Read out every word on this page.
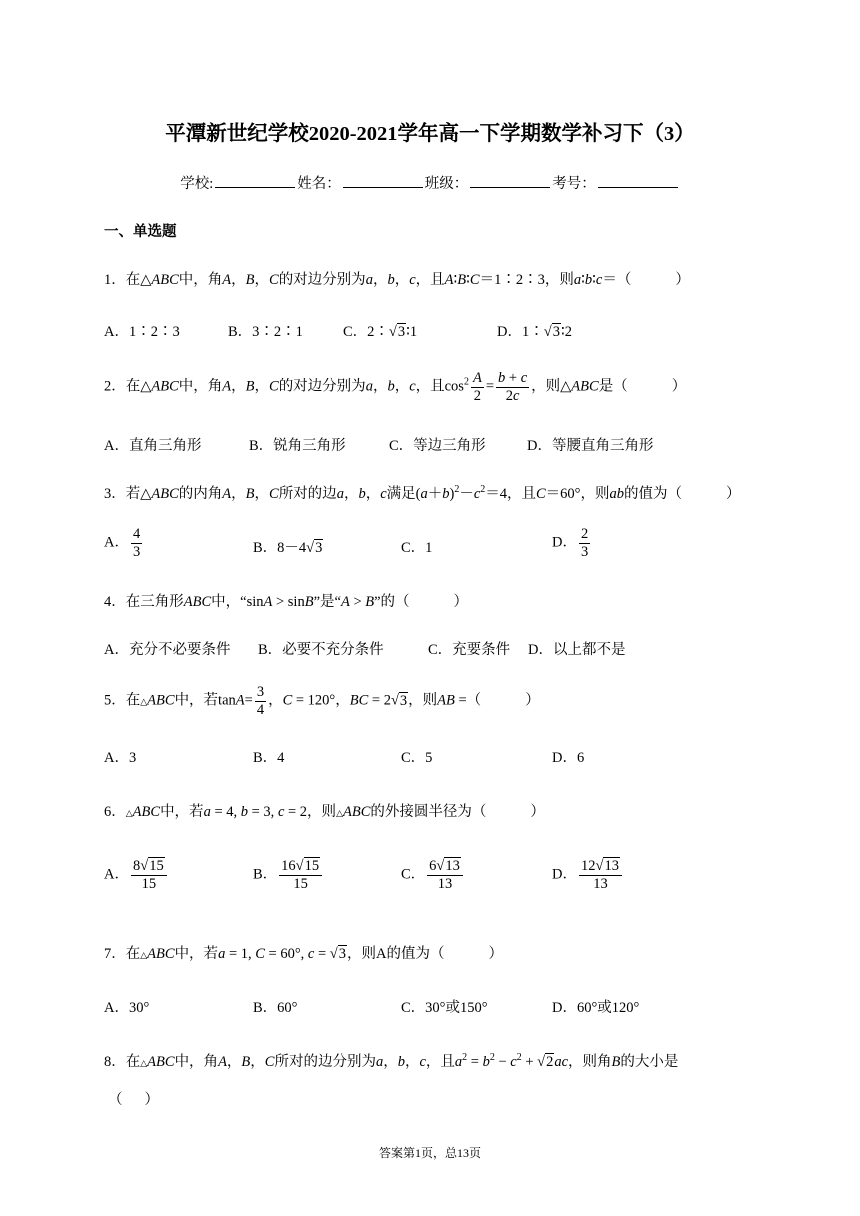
平潭新世纪学校2020-2021学年高一下学期数学补习下（3）
学校:	姓名：	班级：	考号：
一、单选题
1．在△ABC中，角A，B，C的对边分别为a，b，c，且A∶B∶C＝1∶2∶3，则a∶b∶c＝（	）
A．1∶2∶3	B．3∶2∶1	C．2∶√3∶1	D．1∶√3∶2
2．在△ABC中，角A，B，C的对边分别为a，b，c，且$\cos^2 \frac{A}{2} = \frac{b + c}{2c}$ ，则△ABC是（	）
A．直角三角形	B．锐角三角形	C．等边三角形	D．等腰直角三角形
3．若△ABC的内角A，B，C所对的边a，b，c满足$(a+b)^2-c^2=4$，且C＝60°，则ab的值为（	）
A． $\frac{4}{3}$	B．8－4√3	C．1	D． $\frac{2}{3}$
4．在三角形ABC中，“sinA > sinB”是“A > B”的（	）
A．充分不必要条件 B．必要不充分条件	C．充要条件 D．以上都不是
5．在△ABC中，若$\tan A= \frac{3}{4}$ ，C = 120°，BC = 2√3，则AB =（	）
A．3	B．4	C．5	D．6
6．△ABC中，若a = 4, b = 3, c = 2，则△ABC的外接圆半径为（	）
A． $\frac{8√15}{15}$	B． $\frac{16√15}{15}$	C． $\frac{6√13}{13}$	D． $\frac{12√13}{13}$
7．在△ABC中，若a = 1, C = 60°, c = √3，则A的值为（	）
A．30°	B．60°	C．30°或150°	D．60°或120°
8．在△ABC中，角A，B，C所对的边分别为a，b，c，且$a^2 = b^2 - c^2 + √2ac$，则角B的大小是
（ ）
答案第1页，总13页
